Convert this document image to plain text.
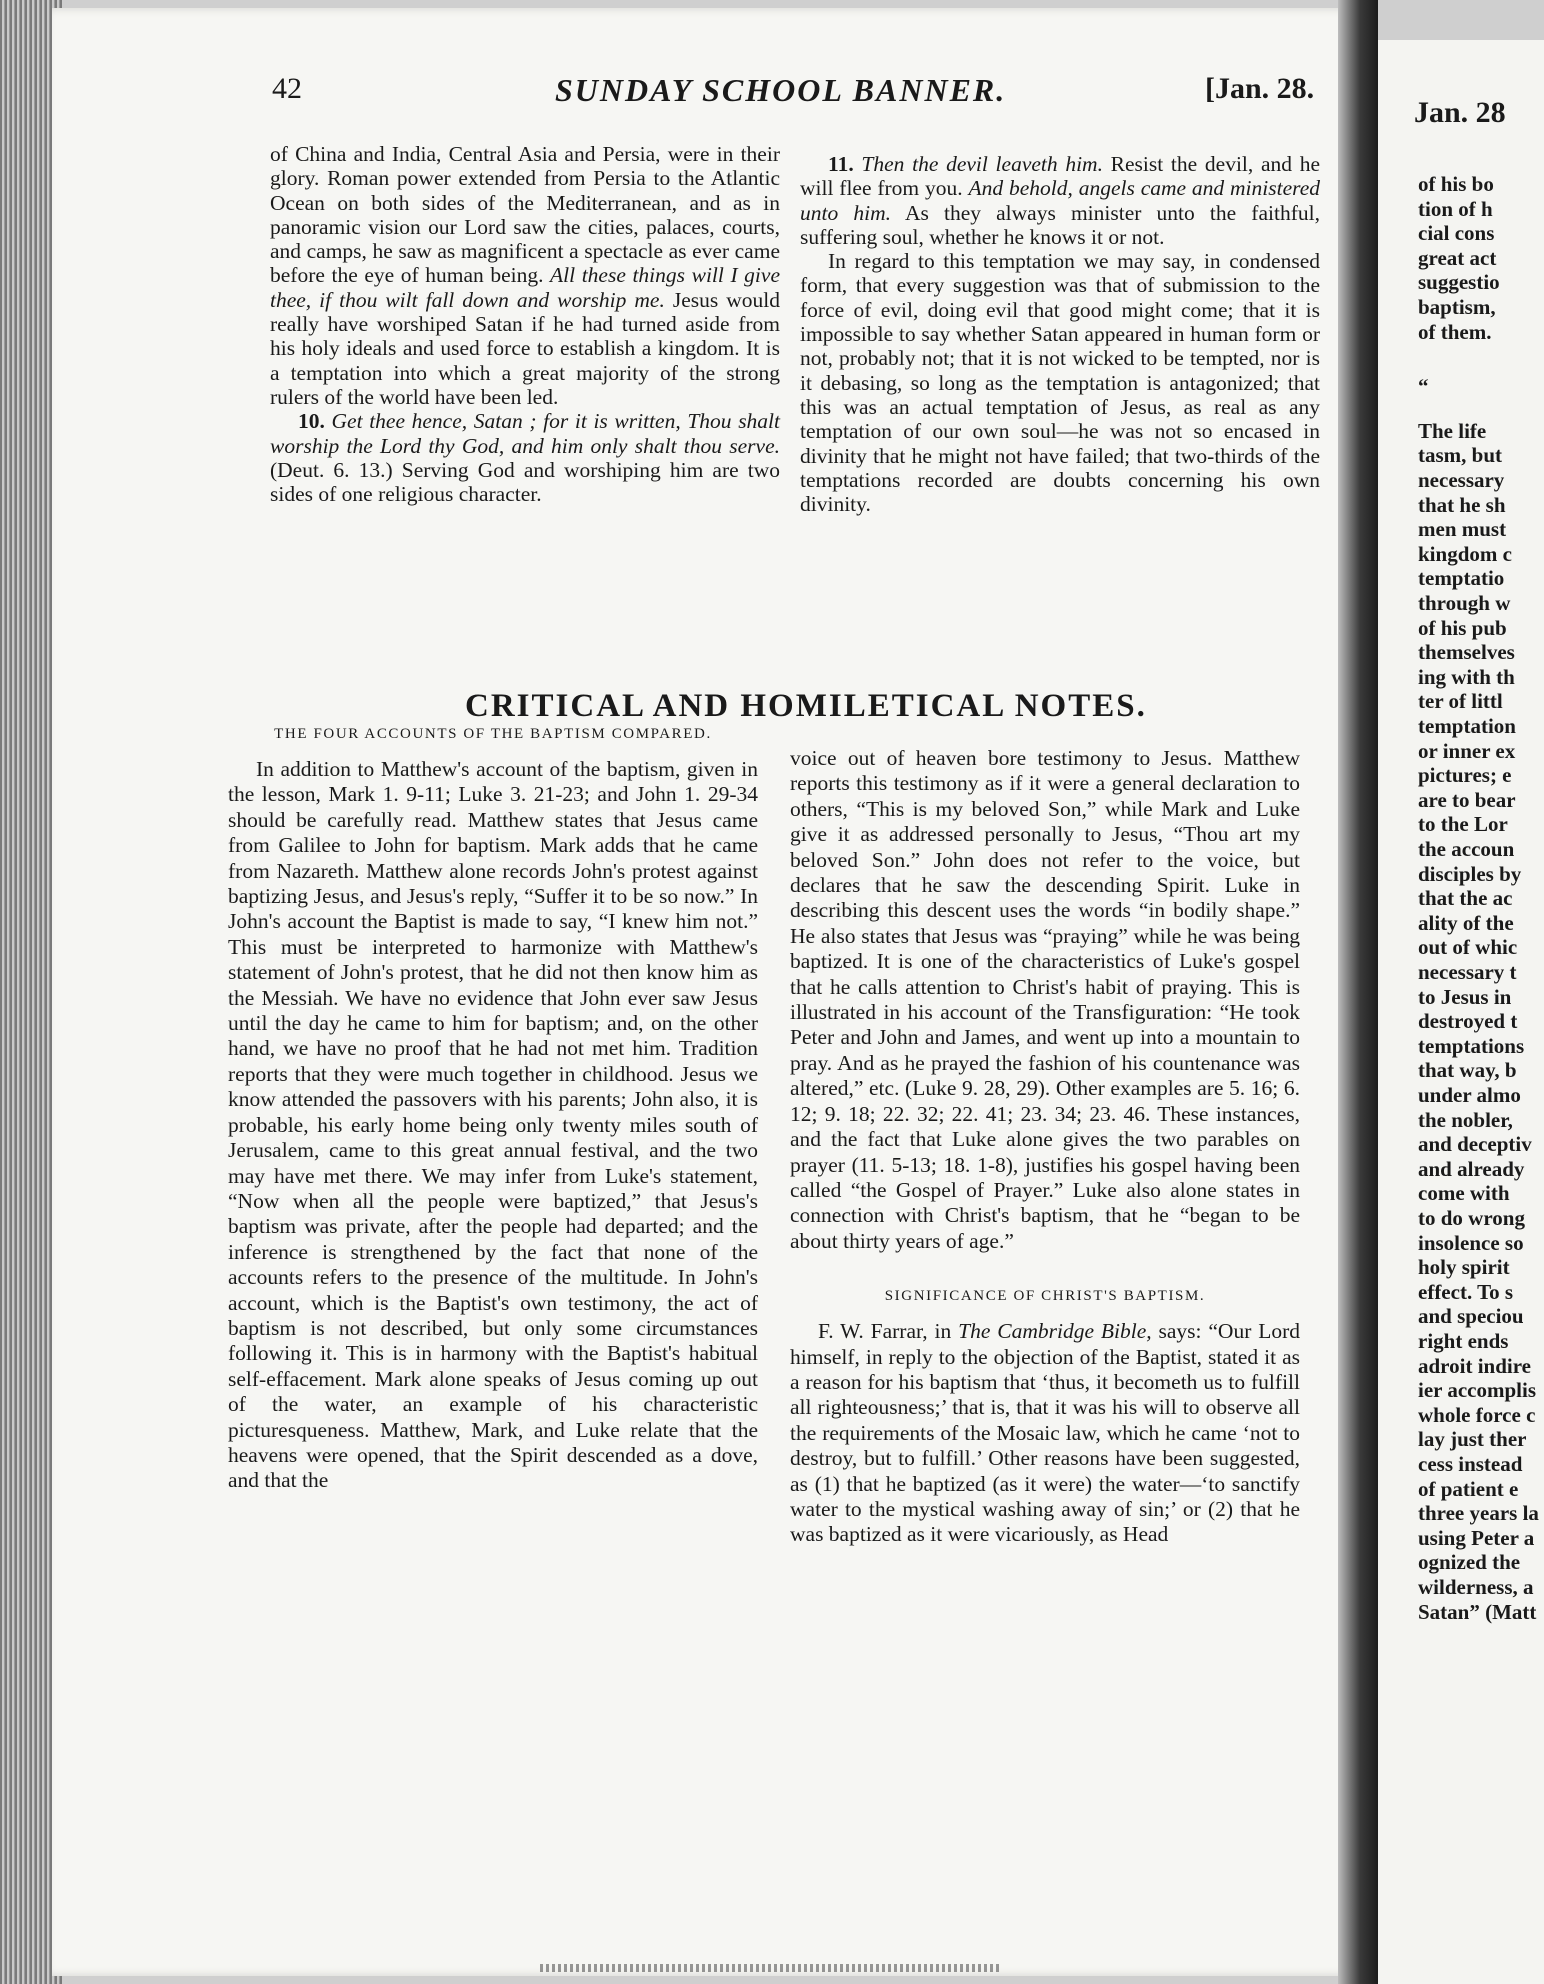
42	SUNDAY SCHOOL BANNER.	[Jan. 28.

of China and India, Central Asia and Persia, were in their glory. Roman power extended from Persia to the Atlantic Ocean on both sides of the Mediterranean, and as in panoramic vision our Lord saw the cities, palaces, courts, and camps, he saw as magnificent a spectacle as ever came before the eye of human being. All these things will I give thee, if thou wilt fall down and worship me. Jesus would really have worshiped Satan if he had turned aside from his holy ideals and used force to establish a kingdom. It is a temptation into which a great majority of the strong rulers of the world have been led.

10. Get thee hence, Satan ; for it is written, Thou shalt worship the Lord thy God, and him only shalt thou serve. (Deut. 6. 13.) Serving God and worshiping him are two sides of one religious character.

11. Then the devil leaveth him. Resist the devil, and he will flee from you. And behold, angels came and ministered unto him. As they always minister unto the faithful, suffering soul, whether he knows it or not.

In regard to this temptation we may say, in condensed form, that every suggestion was that of submission to the force of evil, doing evil that good might come; that it is impossible to say whether Satan appeared in human form or not, probably not; that it is not wicked to be tempted, nor is it debasing, so long as the temptation is antagonized; that this was an actual temptation of Jesus, as real as any temptation of our own soul—he was not so encased in divinity that he might not have failed; that two-thirds of the temptations recorded are doubts concerning his own divinity.

CRITICAL AND HOMILETICAL NOTES.
THE FOUR ACCOUNTS OF THE BAPTISM COMPARED.

In addition to Matthew's account of the baptism, given in the lesson, Mark 1. 9-11; Luke 3. 21-23; and John 1. 29-34 should be carefully read. Matthew states that Jesus came from Galilee to John for baptism. Mark adds that he came from Nazareth. Matthew alone records John's protest against baptizing Jesus, and Jesus's reply, “Suffer it to be so now.” In John's account the Baptist is made to say, “I knew him not.” This must be interpreted to harmonize with Matthew's statement of John's protest, that he did not then know him as the Messiah. We have no evidence that John ever saw Jesus until the day he came to him for baptism; and, on the other hand, we have no proof that he had not met him. Tradition reports that they were much together in childhood. Jesus we know attended the passovers with his parents; John also, it is probable, his early home being only twenty miles south of Jerusalem, came to this great annual festival, and the two may have met there. We may infer from Luke's statement, “Now when all the people were baptized,” that Jesus's baptism was private, after the people had departed; and the inference is strengthened by the fact that none of the accounts refers to the presence of the multitude. In John's account, which is the Baptist's own testimony, the act of baptism is not described, but only some circumstances following it. This is in harmony with the Baptist's habitual self-effacement. Mark alone speaks of Jesus coming up out of the water, an example of his characteristic picturesqueness. Matthew, Mark, and Luke relate that the heavens were opened, that the Spirit descended as a dove, and that the

voice out of heaven bore testimony to Jesus. Matthew reports this testimony as if it were a general declaration to others, “This is my beloved Son,” while Mark and Luke give it as addressed personally to Jesus, “Thou art my beloved Son.” John does not refer to the voice, but declares that he saw the descending Spirit. Luke in describing this descent uses the words “in bodily shape.” He also states that Jesus was “praying” while he was being baptized. It is one of the characteristics of Luke's gospel that he calls attention to Christ's habit of praying. This is illustrated in his account of the Transfiguration: “He took Peter and John and James, and went up into a mountain to pray. And as he prayed the fashion of his countenance was altered,” etc. (Luke 9. 28, 29). Other examples are 5. 16; 6. 12; 9. 18; 22. 32; 22. 41; 23. 34; 23. 46. These instances, and the fact that Luke alone gives the two parables on prayer (11. 5-13; 18. 1-8), justifies his gospel having been called “the Gospel of Prayer.” Luke also alone states in connection with Christ's baptism, that he “began to be about thirty years of age.”

SIGNIFICANCE OF CHRIST'S BAPTISM.

F. W. Farrar, in The Cambridge Bible, says: “Our Lord himself, in reply to the objection of the Baptist, stated it as a reason for his baptism that ‘thus, it becometh us to fulfill all righteousness;’ that is, that it was his will to observe all the requirements of the Mosaic law, which he came ‘not to destroy, but to fulfill.’ Other reasons have been suggested, as (1) that he baptized (as it were) the water—‘to sanctify water to the mystical washing away of sin;’ or (2) that he was baptized as it were vicariously, as Head

Jan. 28
of his bo
tion of h
cial cons
great act
suggestio
baptism,
of them.
“
The life
tasm, but
necessary
that he sh
men must
kingdom c
temptatio
through w
of his pub
themselves
ing with th
ter of littl
temptation
or inner ex
pictures; e
are to bear
to the Lor
the accoun
disciples by
that the ac
ality of the
out of whic
necessary t
to Jesus in
destroyed t
temptations
that way, b
under almo
the nobler,
and deceptiv
and already
come with
to do wrong
insolence so
holy spirit
effect. To s
and speciou
right ends
adroit indire
ier accomplis
whole force c
lay just ther
cess instead
of patient e
three years la
using Peter a
ognized the
wilderness, a
Satan” (Matt
